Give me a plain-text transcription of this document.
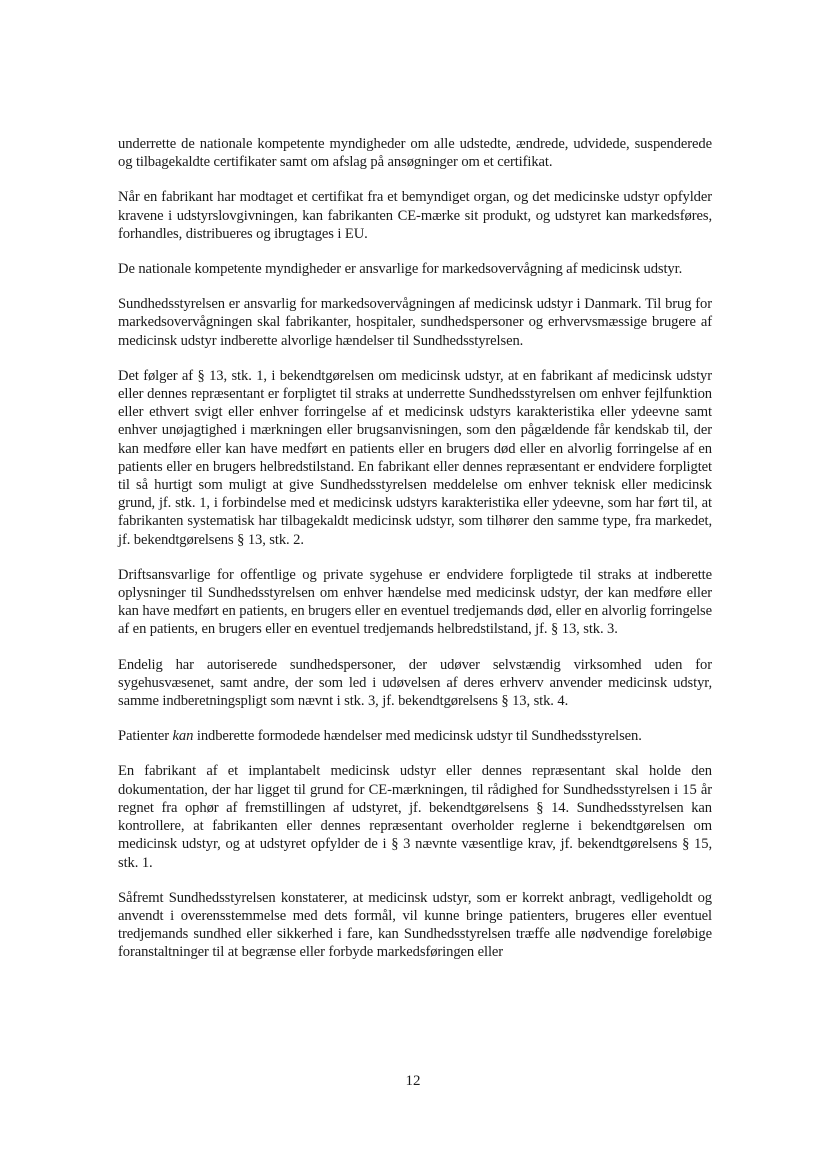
underrette de nationale kompetente myndigheder om alle udstedte, ændrede, udvidede, suspenderede og tilbagekaldte certifikater samt om afslag på ansøgninger om et certifikat.

Når en fabrikant har modtaget et certifikat fra et bemyndiget organ, og det medicinske udstyr opfylder kravene i udstyrslovgivningen, kan fabrikanten CE-mærke sit produkt, og udstyret kan markedsføres, forhandles, distribueres og ibrugtages i EU.

De nationale kompetente myndigheder er ansvarlige for markedsovervågning af medicinsk udstyr.

Sundhedsstyrelsen er ansvarlig for markedsovervågningen af medicinsk udstyr i Danmark. Til brug for markedsovervågningen skal fabrikanter, hospitaler, sundhedspersoner og erhvervsmæssige brugere af medicinsk udstyr indberette alvorlige hændelser til Sundhedsstyrelsen.

Det følger af § 13, stk. 1, i bekendtgørelsen om medicinsk udstyr, at en fabrikant af medicinsk udstyr eller dennes repræsentant er forpligtet til straks at underrette Sundhedsstyrelsen om enhver fejlfunktion eller ethvert svigt eller enhver forringelse af et medicinsk udstyrs karakteristika eller ydeevne samt enhver unøjagtighed i mærkningen eller brugsanvisningen, som den pågældende får kendskab til, der kan medføre eller kan have medført en patients eller en brugers død eller en alvorlig forringelse af en patients eller en brugers helbredstilstand. En fabrikant eller dennes repræsentant er endvidere forpligtet til så hurtigt som muligt at give Sundhedsstyrelsen meddelelse om enhver teknisk eller medicinsk grund, jf. stk. 1, i forbindelse med et medicinsk udstyrs karakteristika eller ydeevne, som har ført til, at fabrikanten systematisk har tilbagekaldt medicinsk udstyr, som tilhører den samme type, fra markedet, jf. bekendtgørelsens § 13, stk. 2.

Driftsansvarlige for offentlige og private sygehuse er endvidere forpligtede til straks at indberette oplysninger til Sundhedsstyrelsen om enhver hændelse med medicinsk udstyr, der kan medføre eller kan have medført en patients, en brugers eller en eventuel tredjemands død, eller en alvorlig forringelse af en patients, en brugers eller en eventuel tredjemands helbredstilstand, jf. § 13, stk. 3.

Endelig har autoriserede sundhedspersoner, der udøver selvstændig virksomhed uden for sygehusvæsenet, samt andre, der som led i udøvelsen af deres erhverv anvender medicinsk udstyr, samme indberetningspligt som nævnt i stk. 3, jf. bekendtgørelsens § 13, stk. 4.

Patienter kan indberette formodede hændelser med medicinsk udstyr til Sundhedsstyrelsen.

En fabrikant af et implantabelt medicinsk udstyr eller dennes repræsentant skal holde den dokumentation, der har ligget til grund for CE-mærkningen, til rådighed for Sundhedsstyrelsen i 15 år regnet fra ophør af fremstillingen af udstyret, jf. bekendtgørelsens § 14. Sundhedsstyrelsen kan kontrollere, at fabrikanten eller dennes repræsentant overholder reglerne i bekendtgørelsen om medicinsk udstyr, og at udstyret opfylder de i § 3 nævnte væsentlige krav, jf. bekendtgørelsens § 15, stk. 1.

Såfremt Sundhedsstyrelsen konstaterer, at medicinsk udstyr, som er korrekt anbragt, vedligeholdt og anvendt i overensstemmelse med dets formål, vil kunne bringe patienters, brugeres eller eventuel tredjemands sundhed eller sikkerhed i fare, kan Sundhedsstyrelsen træffe alle nødvendige foreløbige foranstaltninger til at begrænse eller forbyde markedsføringen eller

12
